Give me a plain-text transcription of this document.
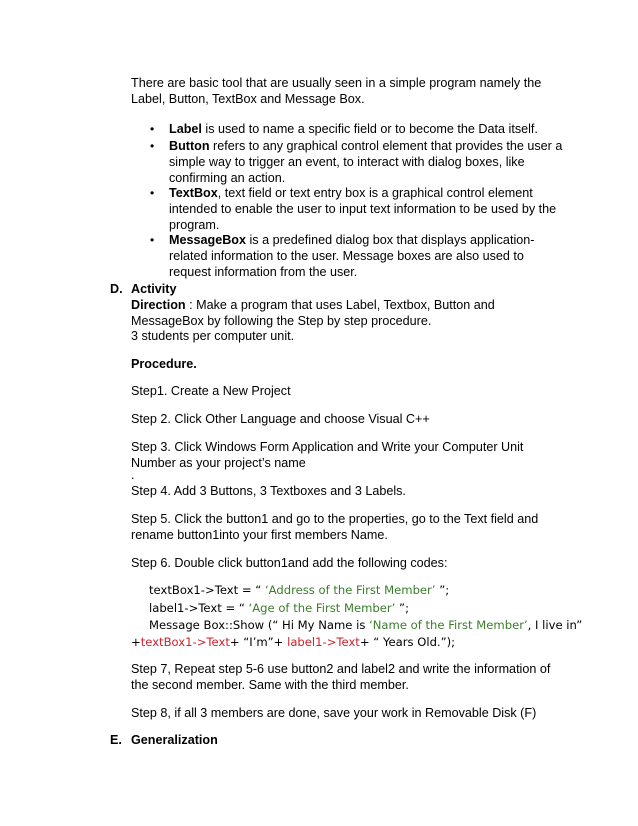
There are basic tool that are usually seen in a simple program namely the
Label, Button, TextBox and Message Box.
• Label is used to name a specific field or to become the Data itself.
• Button refers to any graphical control element that provides the user a
simple way to trigger an event, to interact with dialog boxes, like
confirming an action.
• TextBox, text field or text entry box is a graphical control element
intended to enable the user to input text information to be used by the
program.
• MessageBox is a predefined dialog box that displays application-
related information to the user. Message boxes are also used to
request information from the user.
D. Activity
Direction : Make a program that uses Label, Textbox, Button and
MessageBox by following the Step by step procedure.
3 students per computer unit.
Procedure.
Step1. Create a New Project
Step 2. Click Other Language and choose Visual C++
Step 3. Click Windows Form Application and Write your Computer Unit
Number as your project’s name
.
Step 4. Add 3 Buttons, 3 Textboxes and 3 Labels.
Step 5. Click the button1 and go to the properties, go to the Text field and
rename button1into your first members Name.
Step 6. Double click button1and add the following codes:
textBox1->Text = “ ‘Address of the First Member’ ”;
label1->Text = “ ‘Age of the First Member’ ”;
Message Box::Show (“ Hi My Name is ‘Name of the First Member’, I live in”
+textBox1->Text+ “I’m”+ label1->Text+ “ Years Old.”);
Step 7, Repeat step 5-6 use button2 and label2 and write the information of
the second member. Same with the third member.
Step 8, if all 3 members are done, save your work in Removable Disk (F)
E. Generalization
